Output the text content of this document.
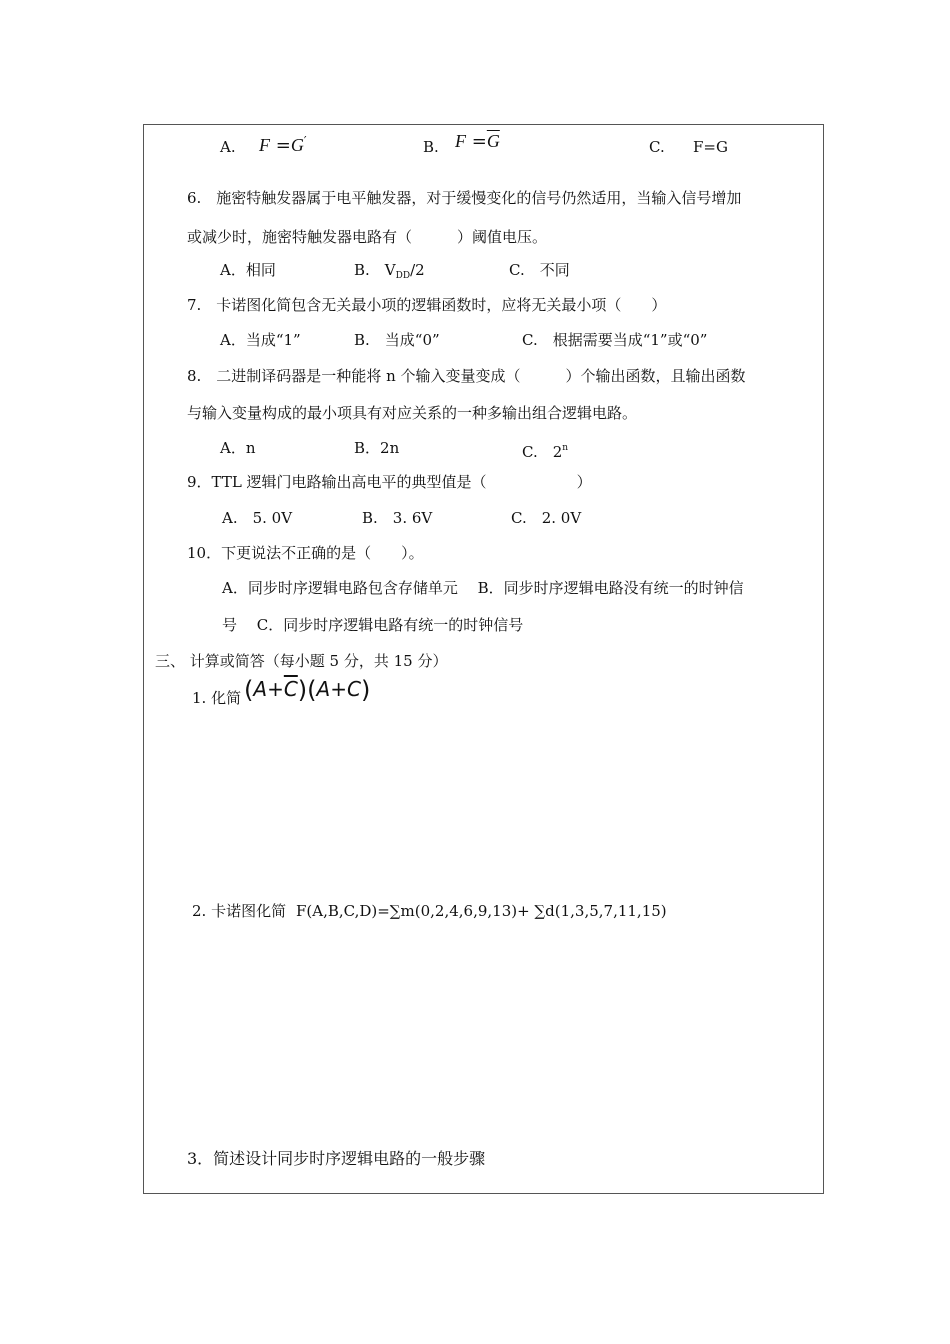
A. F =G′	B. $F =\overline{G}$	C. F=G
6.　施密特触发器属于电平触发器，对于缓慢变化的信号仍然适用，当输入信号增加
或减少时，施密特触发器电路有（　　　）阈值电压。
A．相同	B.　$V_{DD}/2$	C.　不同
7.　卡诺图化简包含无关最小项的逻辑函数时，应将无关最小项（　　）
A．当成“1”	B.　当成“0”	C.　根据需要当成“1”或“0”
8.　二进制译码器是一种能将 n 个输入变量变成（　　　）个输出函数，且输出函数
与输入变量构成的最小项具有对应关系的一种多输出组合逻辑电路。
A．n	B．2n	C.　2$^n$
9．TTL 逻辑门电路输出高电平的典型值是（　　　　　　）
A.　5. 0V	B.　3. 6V	C.　2. 0V
10．下更说法不正确的是（　　）。
A．同步时序逻辑电路包含存储单元　 B．同步时序逻辑电路没有统一的时钟信
号　 C．同步时序逻辑电路有统一的时钟信号
三、 计算或简答（每小题 5 分，共 15 分）
1. 化简 $(A+\overline{C})(A+C)$
2. 卡诺图化简 F(A,B,C,D)=∑m(0,2,4,6,9,13)+ ∑d(1,3,5,7,11,15)
3．简述设计同步时序逻辑电路的一般步骤
